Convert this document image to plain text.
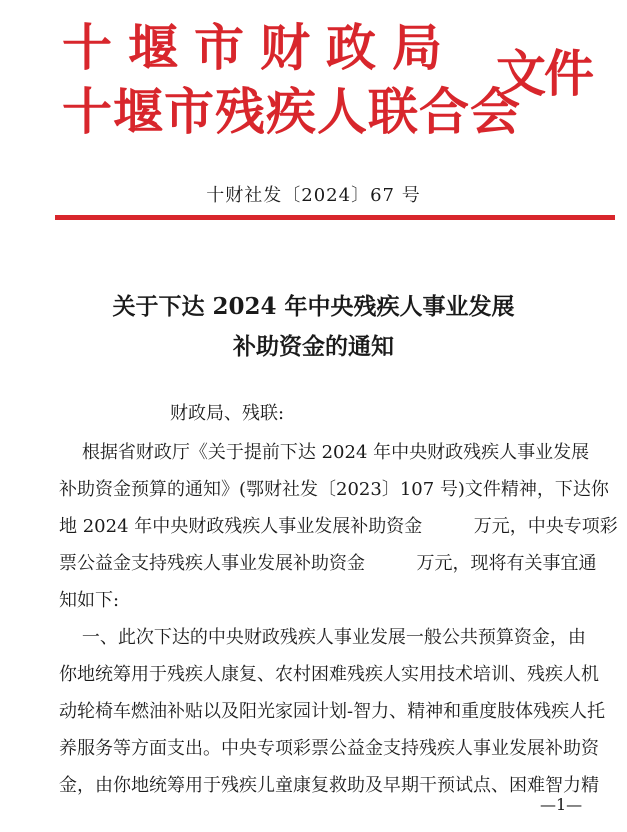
十堰市财政局
十堰市残疾人联合会
文件
十财社发〔2024〕67 号
关于下达 2024 年中央残疾人事业发展
补助资金的通知
财政局、残联:
根据省财政厅《关于提前下达 2024 年中央财政残疾人事业发展
补助资金预算的通知》(鄂财社发〔2023〕107 号)文件精神，下达你
地 2024 年中央财政残疾人事业发展补助资金         万元，中央专项彩
票公益金支持残疾人事业发展补助资金         万元，现将有关事宜通
知如下:
一、此次下达的中央财政残疾人事业发展一般公共预算资金，由
你地统筹用于残疾人康复、农村困难残疾人实用技术培训、残疾人机
动轮椅车燃油补贴以及阳光家园计划-智力、精神和重度肢体残疾人托
养服务等方面支出。中央专项彩票公益金支持残疾人事业发展补助资
金，由你地统筹用于残疾儿童康复救助及早期干预试点、困难智力精
—1—
